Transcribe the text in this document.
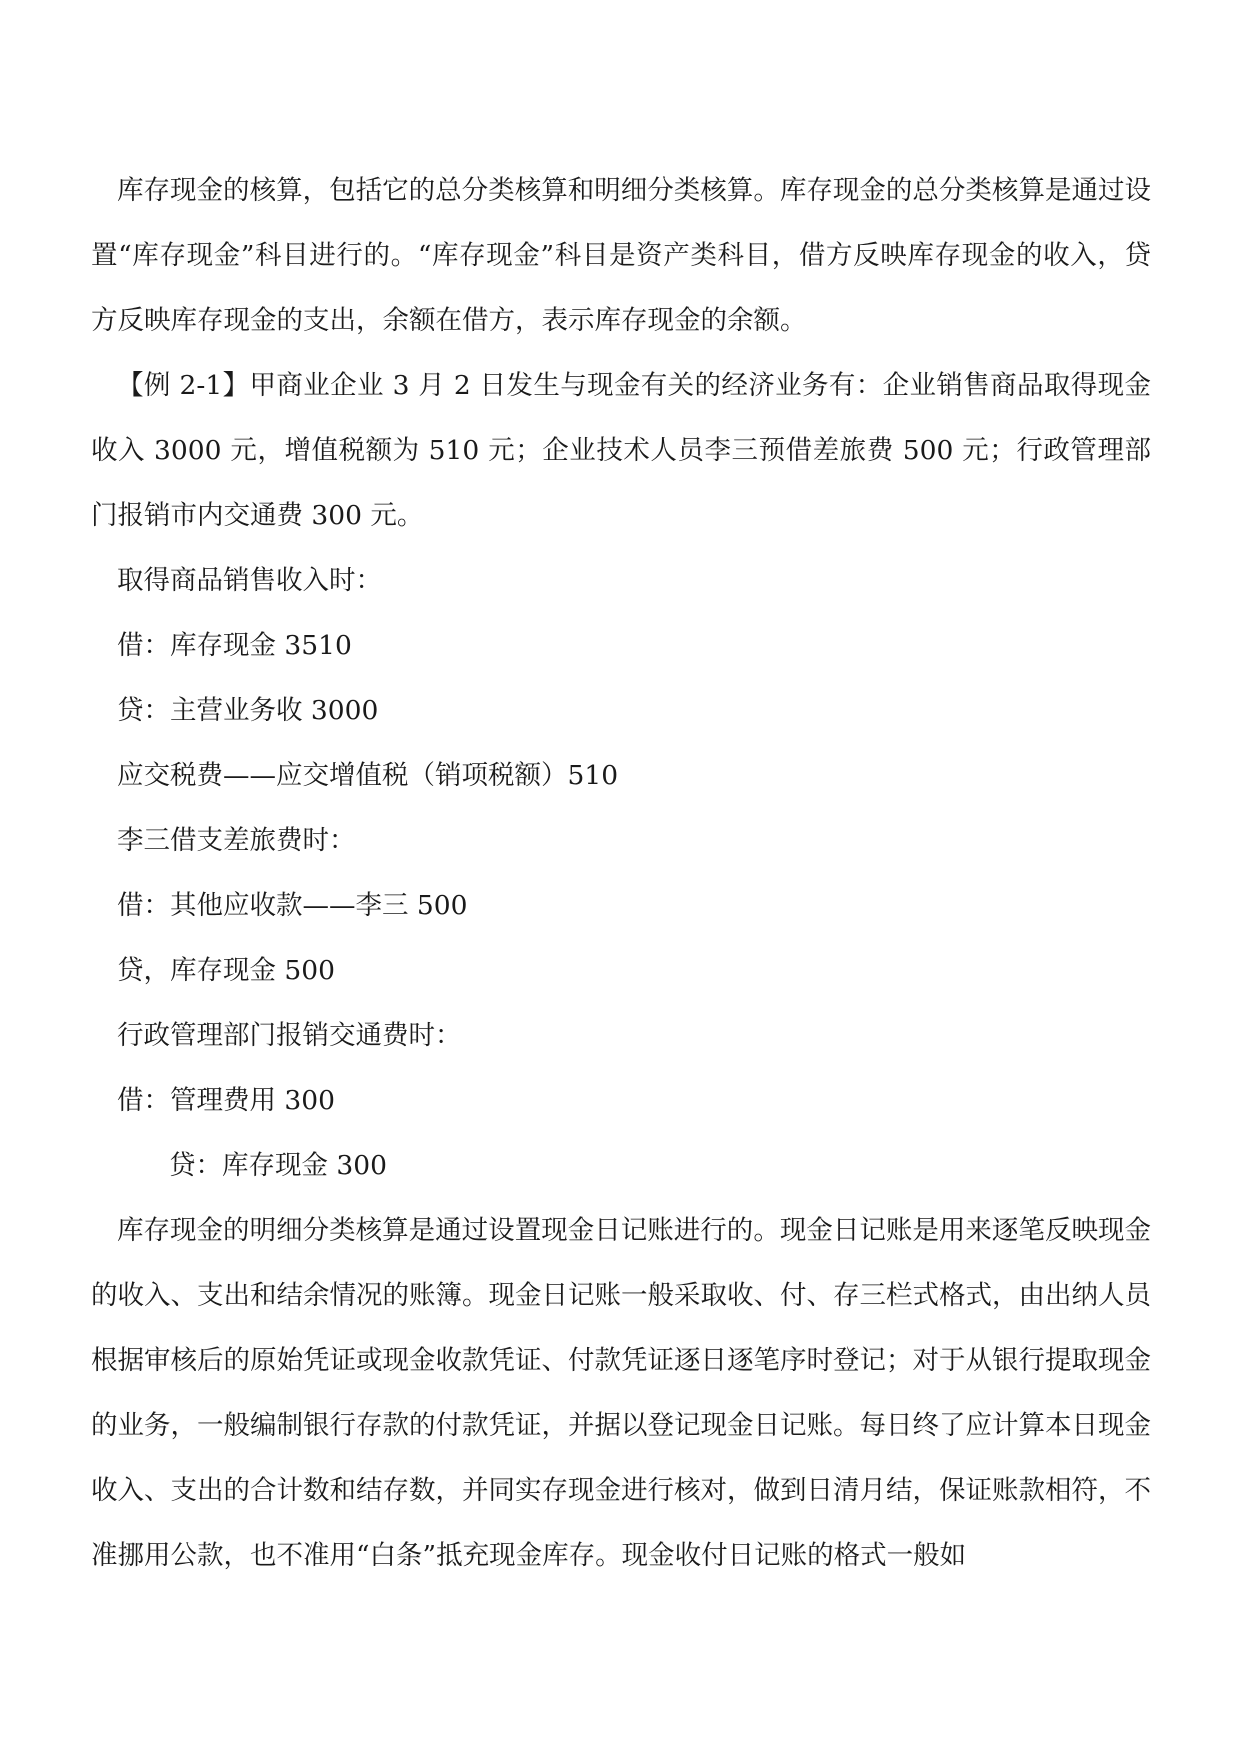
库存现金的核算，包括它的总分类核算和明细分类核算。库存现金的总分类核算是通过设置“库存现金”科目进行的。“库存现金”科目是资产类科目，借方反映库存现金的收入，贷方反映库存现金的支出，余额在借方，表示库存现金的余额。

【例 2-1】甲商业企业 3 月 2 日发生与现金有关的经济业务有：企业销售商品取得现金收入 3000 元，增值税额为 510 元；企业技术人员李三预借差旅费 500 元；行政管理部门报销市内交通费 300 元。

取得商品销售收入时：

借：库存现金 3510

贷：主营业务收 3000

应交税费——应交增值税（销项税额）510

李三借支差旅费时：

借：其他应收款——李三 500

贷，库存现金 500

行政管理部门报销交通费时：

借：管理费用 300

贷：库存现金 300

库存现金的明细分类核算是通过设置现金日记账进行的。现金日记账是用来逐笔反映现金的收入、支出和结余情况的账簿。现金日记账一般采取收、付、存三栏式格式，由出纳人员根据审核后的原始凭证或现金收款凭证、付款凭证逐日逐笔序时登记；对于从银行提取现金的业务，一般编制银行存款的付款凭证，并据以登记现金日记账。每日终了应计算本日现金收入、支出的合计数和结存数，并同实存现金进行核对，做到日清月结，保证账款相符，不准挪用公款，也不准用“白条”抵充现金库存。现金收付日记账的格式一般如
